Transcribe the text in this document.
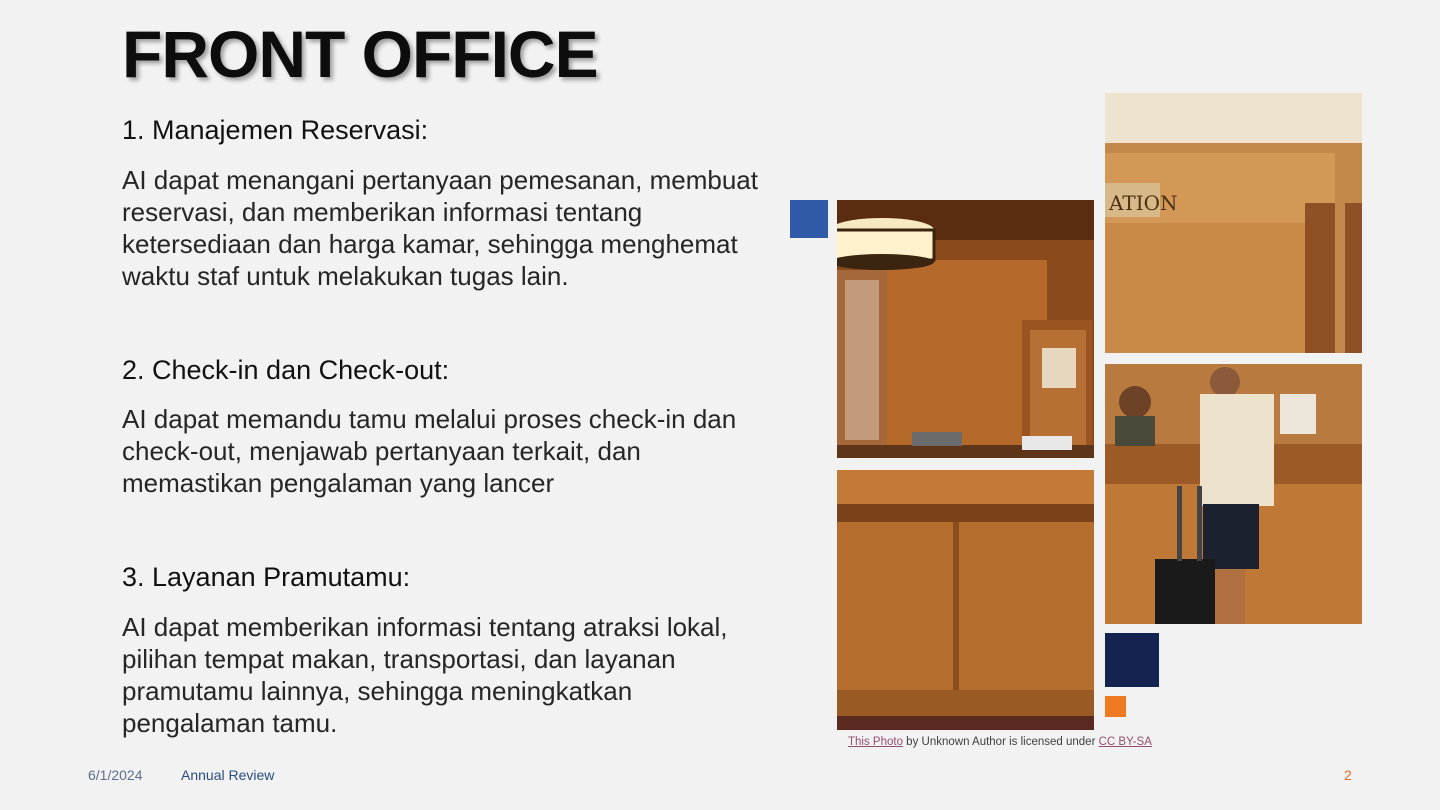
FRONT OFFICE
1. Manajemen Reservasi:
AI dapat menangani pertanyaan pemesanan, membuat reservasi, dan memberikan informasi tentang ketersediaan dan harga kamar, sehingga menghemat waktu staf untuk melakukan tugas lain.
2. Check-in dan Check-out:
AI dapat memandu tamu melalui proses check-in dan check-out, menjawab pertanyaan terkait, dan memastikan pengalaman yang lancer
3. Layanan Pramutamu:
AI dapat memberikan informasi tentang atraksi lokal, pilihan tempat makan, transportasi, dan layanan pramutamu lainnya, sehingga meningkatkan pengalaman tamu.
ATION
This Photo by Unknown Author is licensed under CC BY-SA
6/1/2024	Annual Review	2
